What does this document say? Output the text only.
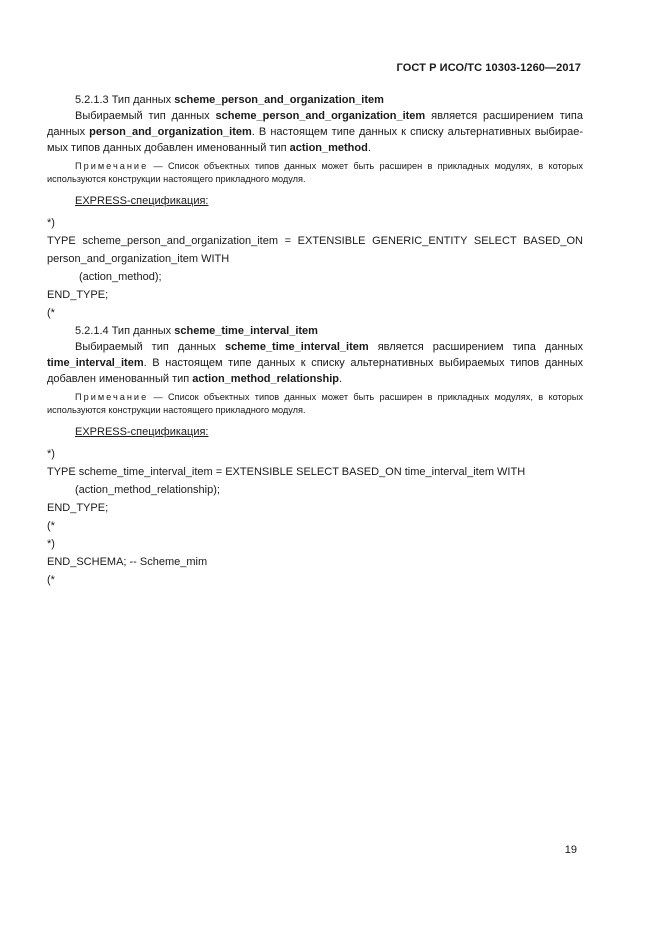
ГОСТ Р ИСО/ТС 10303-1260—2017

5.2.1.3 Тип данных scheme_person_and_organization_item

Выбираемый тип данных scheme_person_and_organization_item является расширением типа данных person_and_organization_item. В настоящем типе данных к списку альтернативных выбирае-мых типов данных добавлен именованный тип action_method.

Примечание — Список объектных типов данных может быть расширен в прикладных модулях, в которых используются конструкции настоящего прикладного модуля.

EXPRESS-спецификация:

*)

TYPE scheme_person_and_organization_item = EXTENSIBLE GENERIC_ENTITY SELECT BASED_ON

person_and_organization_item WITH

(action_method);

END_TYPE;

(*

5.2.1.4 Тип данных scheme_time_interval_item

Выбираемый тип данных scheme_time_interval_item является расширением типа данных time_interval_item. В настоящем типе данных к списку альтернативных выбираемых типов данных добавлен именованный тип action_method_relationship.

Примечание — Список объектных типов данных может быть расширен в прикладных модулях, в которых используются конструкции настоящего прикладного модуля.

EXPRESS-спецификация:

*)

TYPE scheme_time_interval_item = EXTENSIBLE SELECT BASED_ON time_interval_item WITH

(action_method_relationship);

END_TYPE;

(*

*)

END_SCHEMA; -- Scheme_mim

(*

19
